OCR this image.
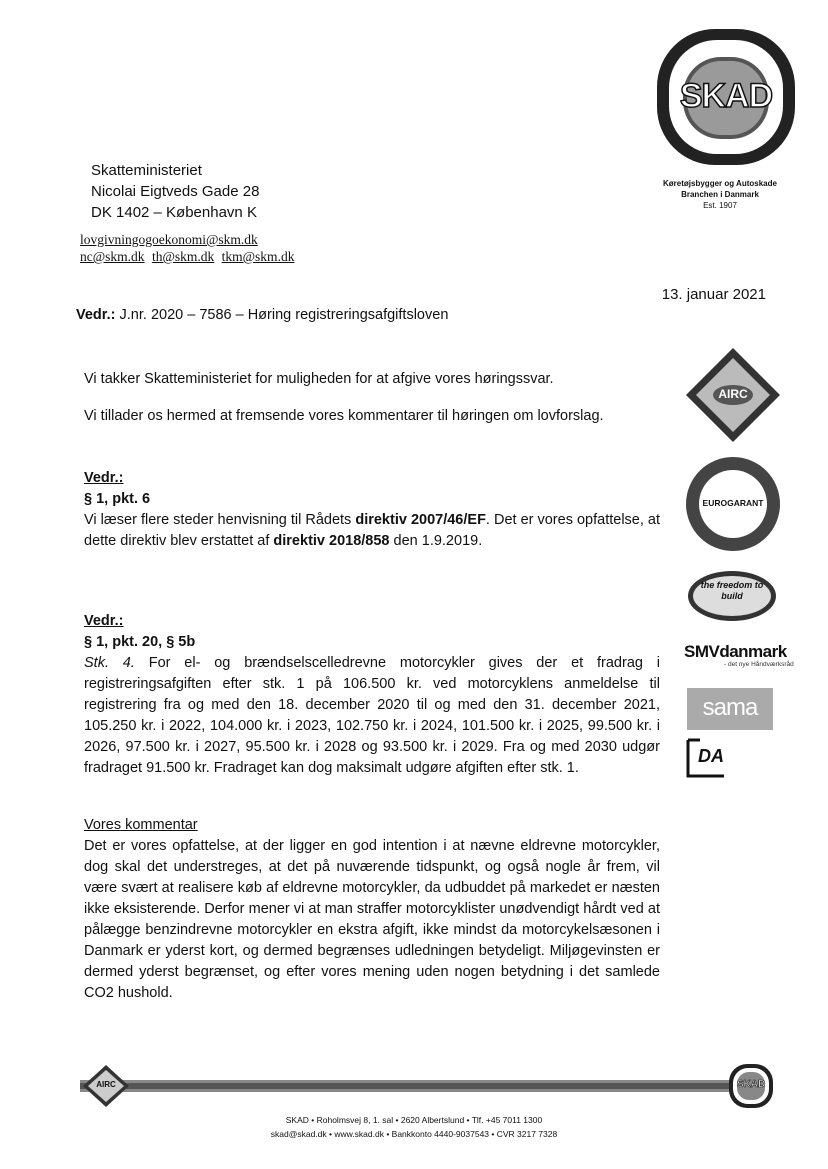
SKAD
Køretøjsbygger og Autoskade
Branchen i Danmark
Est. 1907
Skatteministeriet
Nicolai Eigtveds Gade 28
DK 1402 – København K
lovgivningogoekonomi@skm.dk
nc@skm.dk th@skm.dk tkm@skm.dk
13. januar 2021
Vedr.: J.nr. 2020 – 7586 – Høring registreringsafgiftsloven
Vi takker Skatteministeriet for muligheden for at afgive vores høringssvar.
Vi tillader os hermed at fremsende vores kommentarer til høringen om lovforslag.
Vedr.:
§ 1, pkt. 6
Vi læser flere steder henvisning til Rådets direktiv 2007/46/EF. Det er vores opfattelse, at dette direktiv blev erstattet af direktiv 2018/858 den 1.9.2019.
Vedr.:
§ 1, pkt. 20, § 5b
Stk. 4. For el- og brændselscelledrevne motorcykler gives der et fradrag i registreringsafgiften efter stk. 1 på 106.500 kr. ved motorcyklens anmeldelse til registrering fra og med den 18. december 2020 til og med den 31. december 2021, 105.250 kr. i 2022, 104.000 kr. i 2023, 102.750 kr. i 2024, 101.500 kr. i 2025, 99.500 kr. i 2026, 97.500 kr. i 2027, 95.500 kr. i 2028 og 93.500 kr. i 2029. Fra og med 2030 udgør fradraget 91.500 kr. Fradraget kan dog maksimalt udgøre afgiften efter stk. 1.
Vores kommentar
Det er vores opfattelse, at der ligger en god intention i at nævne eldrevne motorcykler, dog skal det understreges, at det på nuværende tidspunkt, og også nogle år frem, vil være svært at realisere køb af eldrevne motorcykler, da udbuddet på markedet er næsten ikke eksisterende. Derfor mener vi at man straffer motorcyklister unødvendigt hårdt ved at pålægge benzindrevne motorcykler en ekstra afgift, ikke mindst da motorcykelsæsonen i Danmark er yderst kort, og dermed begrænses udledningen betydeligt. Miljøgevinsten er dermed yderst begrænset, og efter vores mening uden nogen betydning i det samlede CO2 hushold.
AIRC
EUROGARANT
the freedom to build
SMVdanmark
- det nye Håndværksråd
sama
DA
AIRC	SKAD
SKAD • Roholmsvej 8, 1. sal • 2620 Albertslund • Tlf. +45 7011 1300
skad@skad.dk • www.skad.dk • Bankkonto 4440-9037543 • CVR 3217 7328
